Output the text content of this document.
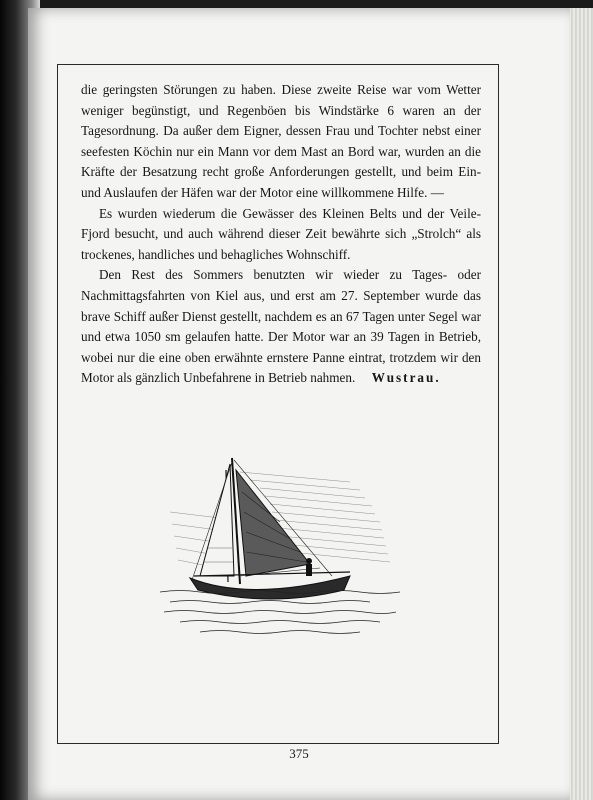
die geringsten Störungen zu haben. Diese zweite Reise war vom Wetter weniger begünstigt, und Regenböen bis Windstärke 6 waren an der Tagesordnung. Da außer dem Eigner, dessen Frau und Tochter nebst einer seefesten Köchin nur ein Mann vor dem Mast an Bord war, wurden an die Kräfte der Besatzung recht große Anforderungen gestellt, und beim Ein- und Auslaufen der Häfen war der Motor eine willkommene Hilfe. —

Es wurden wiederum die Gewässer des Kleinen Belts und der Veile-Fjord besucht, und auch während dieser Zeit bewährte sich „Strolch“ als trockenes, handliches und behagliches Wohnschiff.

Den Rest des Sommers benutzten wir wieder zu Tages- oder Nachmittagsfahrten von Kiel aus, und erst am 27. September wurde das brave Schiff außer Dienst gestellt, nachdem es an 67 Tagen unter Segel war und etwa 1050 sm gelaufen hatte. Der Motor war an 39 Tagen in Betrieb, wobei nur die eine oben erwähnte ernstere Panne eintrat, trotzdem wir den Motor als gänzlich Unbefahrene in Betrieb nahmen. Wustrau.

375
